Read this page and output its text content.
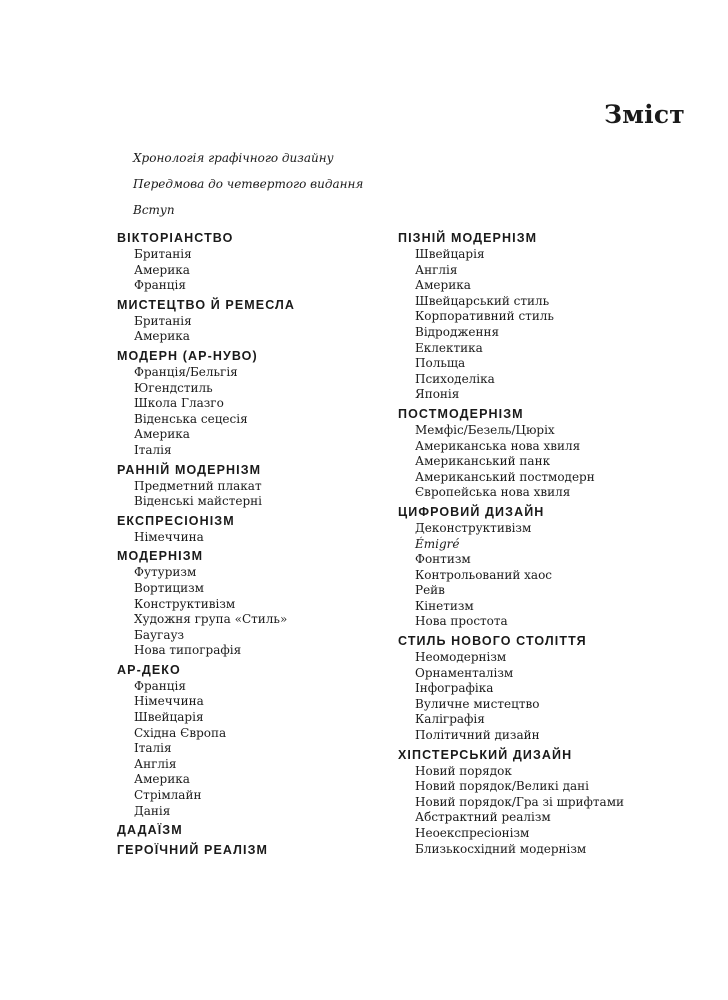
Зміст
Хронологія графічного дизайну
Передмова до четвертого видання
Вступ
ВІКТОРІАНСТВО
Британія
Америка
Франція
МИСТЕЦТВО Й РЕМЕСЛА
Британія
Америка
МОДЕРН (АР-НУВО)
Франція/Бельгія
Югендстиль
Школа Глазго
Віденська сецесія
Америка
Італія
РАННІЙ МОДЕРНІЗМ
Предметний плакат
Віденські майстерні
ЕКСПРЕСІОНІЗМ
Німеччина
МОДЕРНІЗМ
Футуризм
Вортицизм
Конструктивізм
Художня група «Стиль»
Баугауз
Нова типографія
АР-ДЕКО
Франція
Німеччина
Швейцарія
Східна Європа
Італія
Англія
Америка
Стрімлайн
Данія
ДАДАЇЗМ
ГЕРОЇЧНИЙ РЕАЛІЗМ
ПІЗНІЙ МОДЕРНІЗМ
Швейцарія
Англія
Америка
Швейцарський стиль
Корпоративний стиль
Відродження
Еклектика
Польща
Психоделіка
Японія
ПОСТМОДЕРНІЗМ
Мемфіс/Безель/Цюріх
Американська нова хвиля
Американський панк
Американський постмодерн
Європейська нова хвиля
ЦИФРОВИЙ ДИЗАЙН
Деконструктивізм
Émigré
Фонтизм
Контрольований хаос
Рейв
Кінетизм
Нова простота
СТИЛЬ НОВОГО СТОЛІТТЯ
Неомодернізм
Орнаменталізм
Інфографіка
Вуличне мистецтво
Каліграфія
Політичний дизайн
ХІПСТЕРСЬКИЙ ДИЗАЙН
Новий порядок
Новий порядок/Великі дані
Новий порядок/Гра зі шрифтами
Абстрактний реалізм
Неоекспресіонізм
Близькосхідний модернізм
